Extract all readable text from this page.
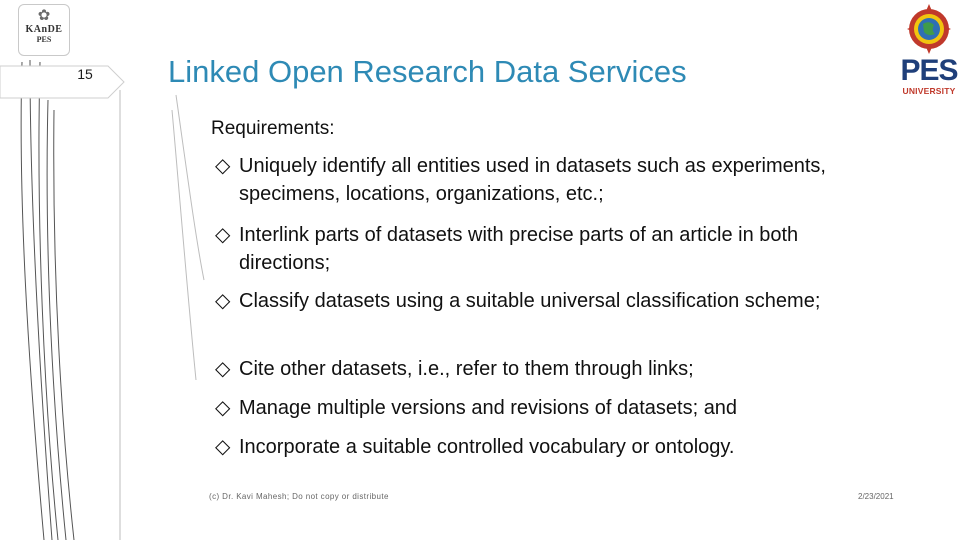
✿
KAnDE
PES
15	Linked Open Research Data Services	PES
UNIVERSITY
Requirements:
◇ Uniquely identify all entities used in datasets such as experiments, specimens, locations, organizations, etc.;
◇ Interlink parts of datasets with precise parts of an article in both directions;
◇ Classify datasets using a suitable universal classification scheme;
◇ Cite other datasets, i.e., refer to them through links;
◇ Manage multiple versions and revisions of datasets; and
◇ Incorporate a suitable controlled vocabulary or ontology.
(c) Dr. Kavi Mahesh; Do not copy or distribute	2/23/2021
